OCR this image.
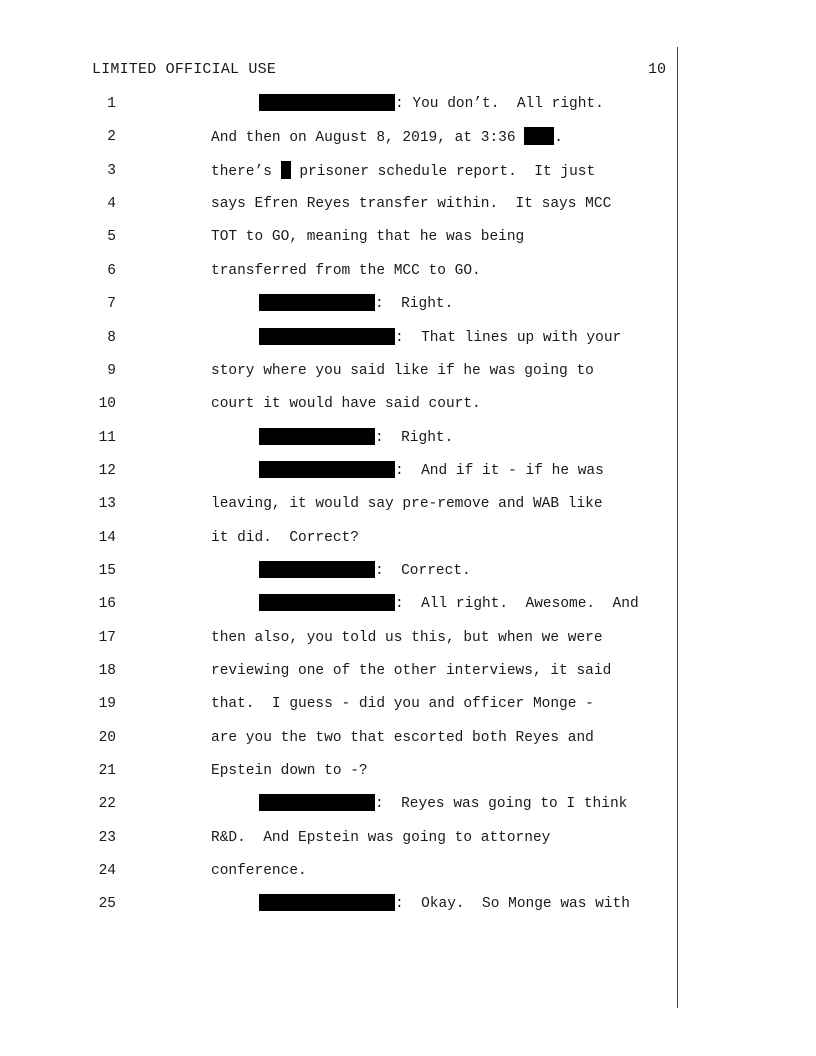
LIMITED OFFICIAL USE	10
1	: You don’t.  All right.
2	And then on August 8, 2019, at 3:36 .
3	there’s  prisoner schedule report.  It just
4	says Efren Reyes transfer within.  It says MCC
5	TOT to GO, meaning that he was being
6	transferred from the MCC to GO.
7	:  Right.
8	:  That lines up with your
9	story where you said like if he was going to
10	court it would have said court.
11	:  Right.
12	:  And if it - if he was
13	leaving, it would say pre-remove and WAB like
14	it did.  Correct?
15	:  Correct.
16	:  All right.  Awesome.  And
17	then also, you told us this, but when we were
18	reviewing one of the other interviews, it said
19	that.  I guess - did you and officer Monge -
20	are you the two that escorted both Reyes and
21	Epstein down to -?
22	:  Reyes was going to I think
23	R&D.  And Epstein was going to attorney
24	conference.
25	:  Okay.  So Monge was with
